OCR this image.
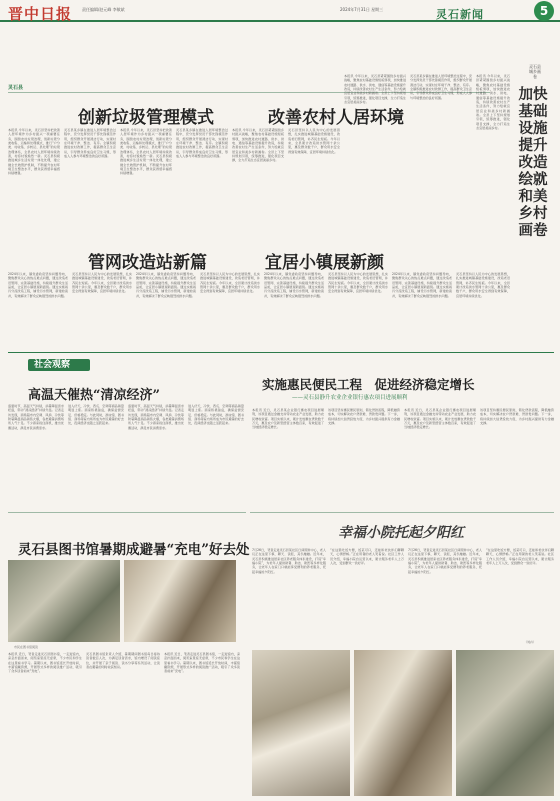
晋中日报 责任编辑/赵元峰 李敏斌	2024年7月31日 星期三	灵石新闻	5
灵石县
创新垃圾管理模式	改善农村人居环境
本报讯 今年以来，灵石县坚持把改善人居环境作为乡村振兴一项重要任务，围绕农村垃圾治理，创新垃圾分类收集、运输和处理模式，推行“户分类、村收集、乡转运、县处理”的垃圾治理体系，全县农村人居环境持续改善，村容村貌焕然一新。灵石县积极推进城乡生活垃圾一体化处理，建立健全长效管护机制，不断提升农村环境卫生整治水平，群众获得感幸福感持续增强。
灵石县某乡镇在推进人居环境整治过程中，充分发挥党员干部先锋模范作用，组织群众开展清洁行动，实现村庄环境干净、整洁、有序。全镇积极推进农村改厕工作，提高群众卫生意识，引导群众养成良好卫生习惯，形成人人参与环境整治的良好氛围。
本报讯 今年以来，灵石县坚持把改善人居环境作为乡村振兴一项重要任务，围绕农村垃圾治理，创新垃圾分类收集、运输和处理模式，推行“户分类、村收集、乡转运、县处理”的垃圾治理体系，全县农村人居环境持续改善，村容村貌焕然一新。灵石县积极推进城乡生活垃圾一体化处理，建立健全长效管护机制，不断提升农村环境卫生整治水平，群众获得感幸福感持续增强。
灵石县某乡镇在推进人居环境整治过程中，充分发挥党员干部先锋模范作用，组织群众开展清洁行动，实现村庄环境干净、整洁、有序。全镇积极推进农村改厕工作，提高群众卫生意识，引导群众养成良好卫生习惯，形成人人参与环境整治的良好氛围。
本报讯 今年以来，灵石县紧紧围绕乡村振兴战略，聚焦农村基础设施短板弱项，加快推进农村道路、供水、供电、通信等基础设施提升改造，持续改善农村生产生活条件，努力绘就宜居宜业和美乡村新画卷。全县上下坚持规划引领，统筹推进，强化项目支撑，全力打造生态宜居美丽乡村。
灵石县坚持以人民为中心的发展思想，扎实推进城镇基础设施建设，改造老旧管网，补齐民生短板。今年以来，全县累计改造供水管网十余公里，惠及群众数千户，群众用水安全得到有效保障，宜居环境持续优化。
本报讯 今年以来，灵石县紧紧围绕乡村振兴战略，聚焦农村基础设施短板弱项，加快推进农村道路、供水、供电、通信等基础设施提升改造，持续改善农村生产生活条件，努力绘就宜居宜业和美乡村新画卷。全县上下坚持规划引领，统筹推进，强化项目支撑，全力打造生态宜居美丽乡村。
灵石县某乡镇在推进人居环境整治过程中，充分发挥党员干部先锋模范作用，组织群众开展清洁行动，实现村庄环境干净、整洁、有序。全镇积极推进农村改厕工作，提高群众卫生意识，引导群众养成良好卫生习惯，形成人人参与环境整治的良好氛围。
灵石县城乡画卷
加快基础
设施提升
改造
绘就和美
乡村画卷
本报讯 今年以来，灵石县紧紧围绕乡村振兴战略，聚焦农村基础设施短板弱项，加快推进农村道路、供水、供电、通信等基础设施提升改造，持续改善农村生产生活条件，努力绘就宜居宜业和美乡村新画卷。全县上下坚持规划引领，统筹推进，强化项目支撑，全力打造生态宜居美丽乡村。
管网改造站新篇	宜居小镇展新颜
2024年以来，镇党委政府坚持问题导向，聚焦群众关心的热点难点问题，通过改造老旧管网、完善基础设施，持续提升群众生活品质，让宜居小镇展现新面貌。通过实施雨污分流改造工程，铺设污水管网，新建检查井，有效解决了群众反映强烈的排水问题。
灵石县坚持以人民为中心的发展思想，扎实推进城镇基础设施建设，改造老旧管网，补齐民生短板。今年以来，全县累计改造供水管网十余公里，惠及群众数千户，群众用水安全得到有效保障，宜居环境持续优化。
2024年以来，镇党委政府坚持问题导向，聚焦群众关心的热点难点问题，通过改造老旧管网、完善基础设施，持续提升群众生活品质，让宜居小镇展现新面貌。通过实施雨污分流改造工程，铺设污水管网，新建检查井，有效解决了群众反映强烈的排水问题。
灵石县坚持以人民为中心的发展思想，扎实推进城镇基础设施建设，改造老旧管网，补齐民生短板。今年以来，全县累计改造供水管网十余公里，惠及群众数千户，群众用水安全得到有效保障，宜居环境持续优化。
2024年以来，镇党委政府坚持问题导向，聚焦群众关心的热点难点问题，通过改造老旧管网、完善基础设施，持续提升群众生活品质，让宜居小镇展现新面貌。通过实施雨污分流改造工程，铺设污水管网，新建检查井，有效解决了群众反映强烈的排水问题。
灵石县坚持以人民为中心的发展思想，扎实推进城镇基础设施建设，改造老旧管网，补齐民生短板。今年以来，全县累计改造供水管网十余公里，惠及群众数千户，群众用水安全得到有效保障，宜居环境持续优化。
2024年以来，镇党委政府坚持问题导向，聚焦群众关心的热点难点问题，通过改造老旧管网、完善基础设施，持续提升群众生活品质，让宜居小镇展现新面貌。通过实施雨污分流改造工程，铺设污水管网，新建检查井，有效解决了群众反映强烈的排水问题。
灵石县坚持以人民为中心的发展思想，扎实推进城镇基础设施建设，改造老旧管网，补齐民生短板。今年以来，全县累计改造供水管网十余公里，惠及群众数千户，群众用水安全得到有效保障，宜居环境持续优化。
社会观察
高温天催热“清凉经济”
盛夏时节，高温天气持续，消暑降温需求旺盛，带动“清凉经济”持续升温。记者走访发现，商场超市内空调、风扇、冷饮等防暑降温商品销售火爆，各类避暑消费场所人气十足。不少商家抓住商机，推出优惠活动，满足市民消费需求。
进入伏天，冷饮、西瓜、空调等商品销量明显上涨。商家积极备货，确保货源充足、价格稳定。与此同时，游泳馆、图书馆、商场等室内场所成为市民避暑的好去处，夜间经济也随之活跃起来。
盛夏时节，高温天气持续，消暑降温需求旺盛，带动“清凉经济”持续升温。记者走访发现，商场超市内空调、风扇、冷饮等防暑降温商品销售火爆，各类避暑消费场所人气十足。不少商家抓住商机，推出优惠活动，满足市民消费需求。
进入伏天，冷饮、西瓜、空调等商品销量明显上涨。商家积极备货，确保货源充足、价格稳定。与此同时，游泳馆、图书馆、商场等室内场所成为市民避暑的好去处，夜间经济也随之活跃起来。
实施惠民便民工程　促进经济稳定增长
——灵石县静升农业企业银行惠农项目进展顺利
本报讯 近日，灵石县某企业银行惠农项目进展顺利，该项目通过金融支持带动农业产业发展，助力农民增收致富。项目实施以来，累计发放惠农贷款数千万元，惠及农户及新型经营主体数百家，有效促进了当地经济稳定增长。
该项目坚持惠民便民原则，简化贷款流程，降低融资成本，切实解决农户贷款难、贷款贵问题。下一步，将持续加大信贷投放力度，为乡村振兴提供有力金融支撑。
本报讯 近日，灵石县某企业银行惠农项目进展顺利，该项目通过金融支持带动农业产业发展，助力农民增收致富。项目实施以来，累计发放惠农贷款数千万元，惠及农户及新型经营主体数百家，有效促进了当地经济稳定增长。
该项目坚持惠民便民原则，简化贷款流程，降低融资成本，切实解决农户贷款难、贷款贵问题。下一步，将持续加大信贷投放力度，为乡村振兴提供有力金融支撑。
灵石县图书馆暑期成避暑“充电”好去处
市民在图书馆阅读
本报讯 近日，笔者走进灵石县图书馆，一走进馆内，凉意扑面而来，阅览室里座无虚席，不少市民和学生在这里看书学习。暑期以来，图书馆延长开放时间，丰富馆藏资源，开展形式多样的阅读推广活动，吸引了众多读者前来“充电”。
灵石县图书馆负责人介绍，暑期期间图书馆每日接待读者数百人次，为满足读者需求，馆内增设了阅读座位，并开展了亲子阅读、读书分享等系列活动，让读者在避暑的同时收获知识。
本报讯 近日，笔者走进灵石县图书馆，一走进馆内，凉意扑面而来，阅览室里座无虚席，不少市民和学生在这里看书学习。暑期以来，图书馆延长开放时间，丰富馆藏资源，开展形式多样的阅读推广活动，吸引了众多读者前来“充电”。
幸福小院托起夕阳红
7月26日，笔者走进灵石县某社区日间照料中心，老人们正在这里下棋、聊天、读报，其乐融融。近年来，灵石县积极推进居家社区养老服务体系建设，打造“幸福小院”，为老年人提供助餐、助洁、助医等多样化服务，让老年人在家门口就能享受便利的养老服务，托起幸福的夕阳红。
“在这里吃饭方便，饭菜可口，还能和老伙伴们聊聊天，心情舒畅。”正在用餐的老人笑着说。社区工作人员介绍，幸福小院自运营以来，累计服务老年人上万人次，受到群众一致好评。
7月26日，笔者走进灵石县某社区日间照料中心，老人们正在这里下棋、聊天、读报，其乐融融。近年来，灵石县积极推进居家社区养老服务体系建设，打造“幸福小院”，为老年人提供助餐、助洁、助医等多样化服务，让老年人在家门口就能享受便利的养老服务，托起幸福的夕阳红。
“在这里吃饭方便，饭菜可口，还能和老伙伴们聊聊天，心情舒畅。”正在用餐的老人笑着说。社区工作人员介绍，幸福小院自运营以来，累计服务老年人上万人次，受到群众一致好评。
（刘卉）
